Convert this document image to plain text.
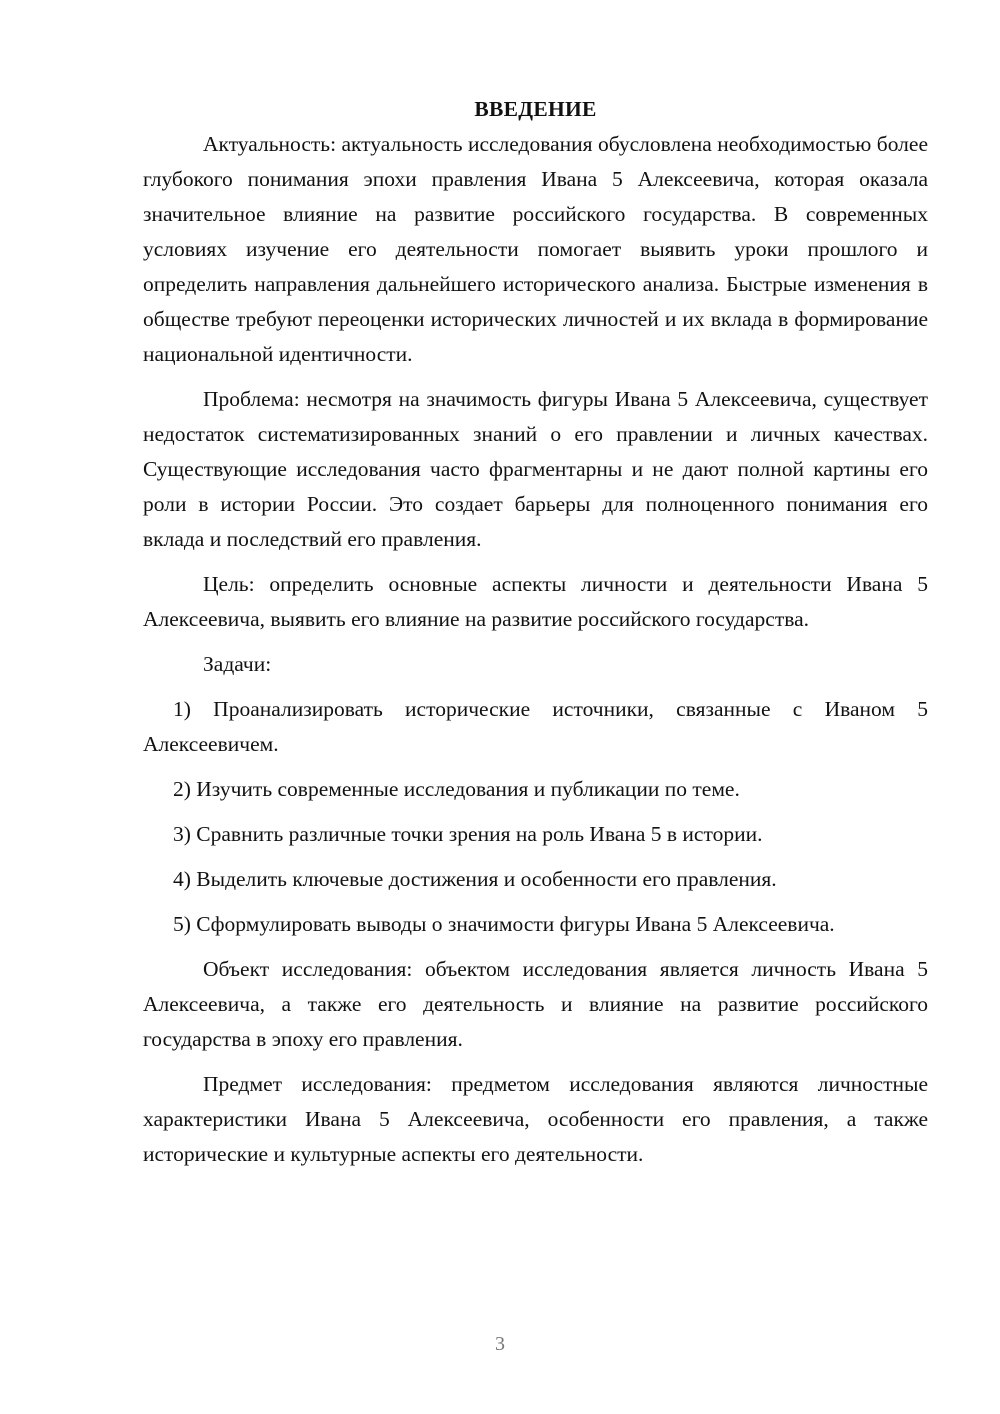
ВВЕДЕНИЕ

Актуальность: актуальность исследования обусловлена необходимостью более глубокого понимания эпохи правления Ивана 5 Алексеевича, которая оказала значительное влияние на развитие российского государства. В современных условиях изучение его деятельности помогает выявить уроки прошлого и определить направления дальнейшего исторического анализа. Быстрые изменения в обществе требуют переоценки исторических личностей и их вклада в формирование национальной идентичности.

Проблема: несмотря на значимость фигуры Ивана 5 Алексеевича, существует недостаток систематизированных знаний о его правлении и личных качествах. Существующие исследования часто фрагментарны и не дают полной картины его роли в истории России. Это создает барьеры для полноценного понимания его вклада и последствий его правления.

Цель: определить основные аспекты личности и деятельности Ивана 5 Алексеевича, выявить его влияние на развитие российского государства.

Задачи:

1) Проанализировать исторические источники, связанные с Иваном 5 Алексеевичем.

2) Изучить современные исследования и публикации по теме.

3) Сравнить различные точки зрения на роль Ивана 5 в истории.

4) Выделить ключевые достижения и особенности его правления.

5) Сформулировать выводы о значимости фигуры Ивана 5 Алексеевича.

Объект исследования: объектом исследования является личность Ивана 5 Алексеевича, а также его деятельность и влияние на развитие российского государства в эпоху его правления.

Предмет исследования: предметом исследования являются личностные характеристики Ивана 5 Алексеевича, особенности его правления, а также исторические и культурные аспекты его деятельности.

3
